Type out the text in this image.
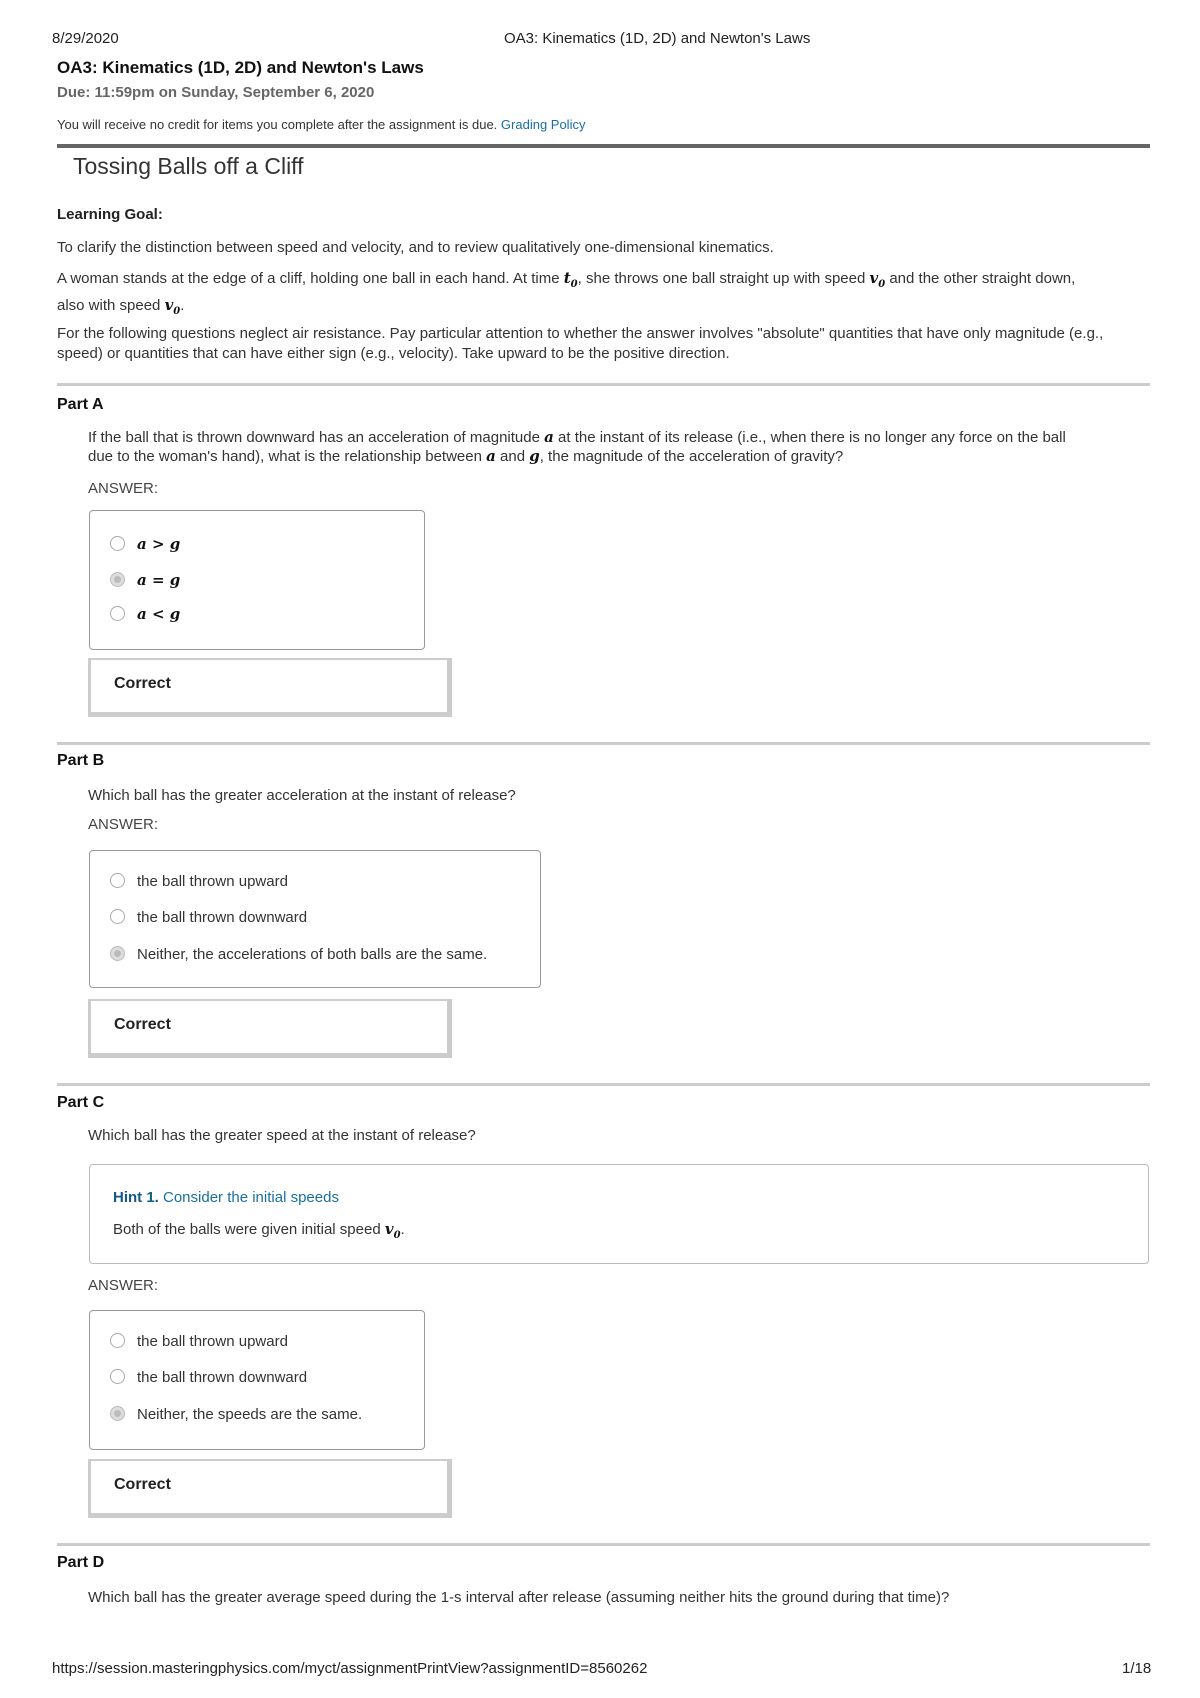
8/29/2020	OA3: Kinematics (1D, 2D) and Newton's Laws
OA3: Kinematics (1D, 2D) and Newton's Laws
Due: 11:59pm on Sunday, September 6, 2020
You will receive no credit for items you complete after the assignment is due. Grading Policy
Tossing Balls off a Cliff
Learning Goal:
To clarify the distinction between speed and velocity, and to review qualitatively one-dimensional kinematics.
A woman stands at the edge of a cliff, holding one ball in each hand. At time $t_0$, she throws one ball straight up with speed $v_0$ and the other straight down,
also with speed $v_0$.
For the following questions neglect air resistance. Pay particular attention to whether the answer involves "absolute" quantities that have only magnitude (e.g., speed) or quantities that can have either sign (e.g., velocity). Take upward to be the positive direction.
Part A
If the ball that is thrown downward has an acceleration of magnitude a at the instant of its release (i.e., when there is no longer any force on the ball
due to the woman's hand), what is the relationship between a and g, the magnitude of the acceleration of gravity?
ANSWER:
a > g
a = g
a < g
Correct
Part B
Which ball has the greater acceleration at the instant of release?
ANSWER:
the ball thrown upward
the ball thrown downward
Neither, the accelerations of both balls are the same.
Correct
Part C
Which ball has the greater speed at the instant of release?
Hint 1. Consider the initial speeds
Both of the balls were given initial speed $v_0$.
ANSWER:
the ball thrown upward
the ball thrown downward
Neither, the speeds are the same.
Correct
Part D
Which ball has the greater average speed during the 1-s interval after release (assuming neither hits the ground during that time)?
https://session.masteringphysics.com/myct/assignmentPrintView?assignmentID=8560262	1/18
